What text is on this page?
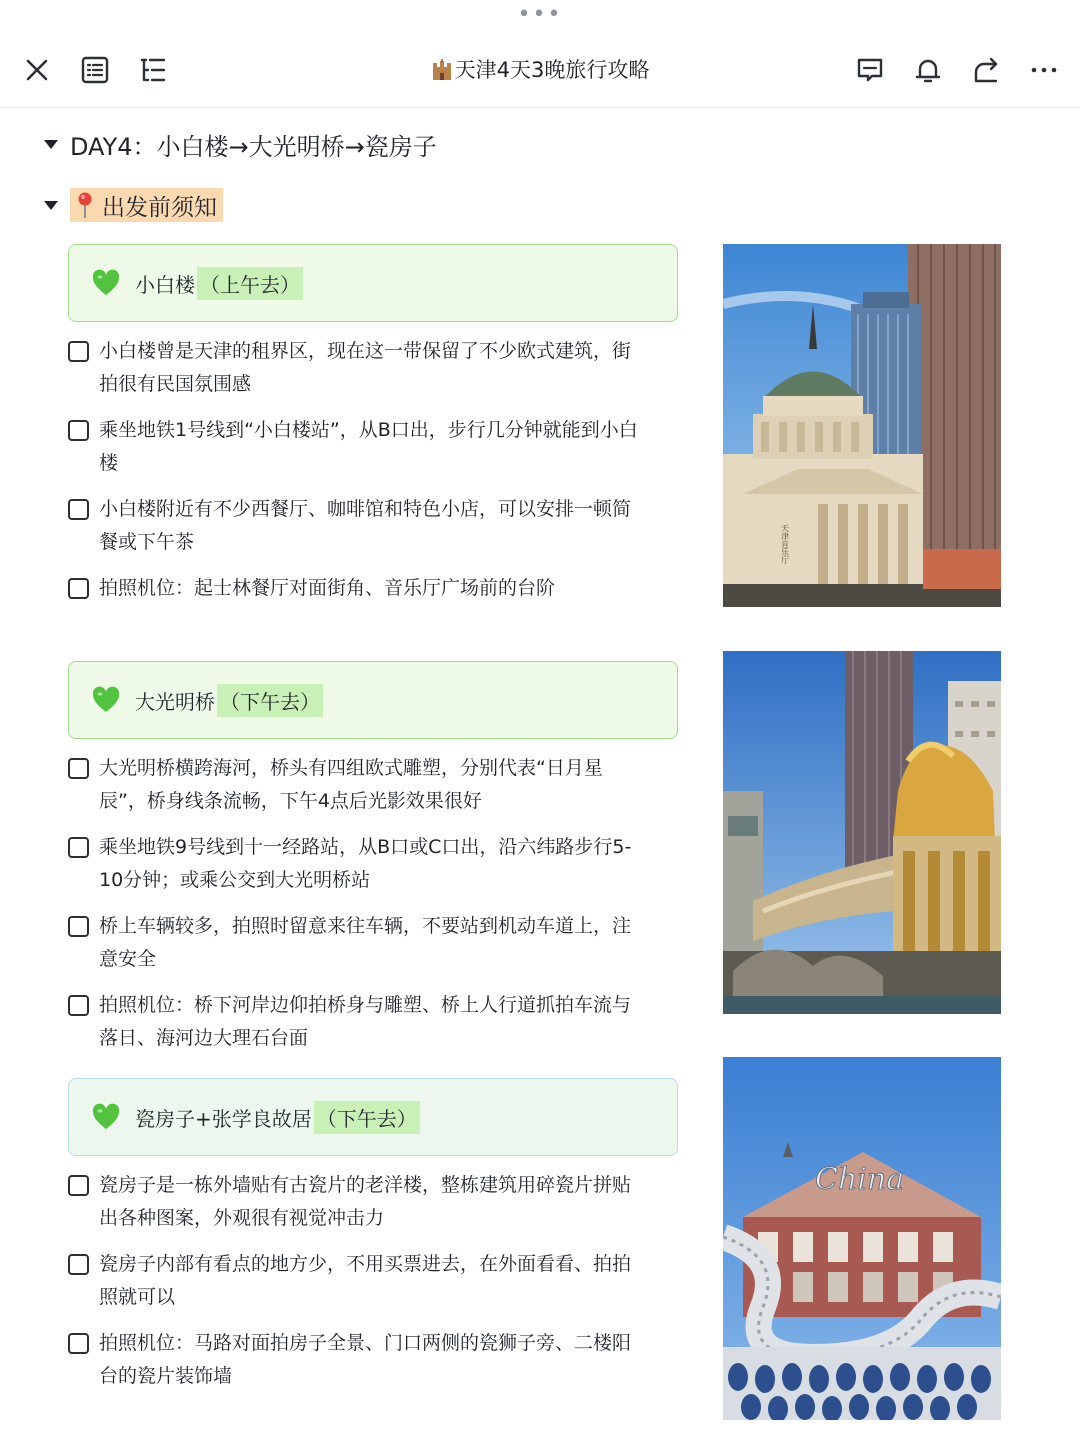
•••
天津4天3晚旅行攻略
DAY4：小白楼→大光明桥→瓷房子
出发前须知
小白楼 （上午去）
小白楼曾是天津的租界区，现在这一带保留了不少欧式建筑，街拍很有民国氛围感
乘坐地铁1号线到“小白楼站”，从B口出，步行几分钟就能到小白楼
小白楼附近有不少西餐厅、咖啡馆和特色小店，可以安排一顿简餐或下午茶
拍照机位：起士林餐厅对面街角、音乐厅广场前的台阶
大光明桥 （下午去）
大光明桥横跨海河，桥头有四组欧式雕塑，分别代表“日月星辰”，桥身线条流畅，下午4点后光影效果很好
乘坐地铁9号线到十一经路站，从B口或C口出，沿六纬路步行5-10分钟；或乘公交到大光明桥站
桥上车辆较多，拍照时留意来往车辆，不要站到机动车道上，注意安全
拍照机位：桥下河岸边仰拍桥身与雕塑、桥上人行道抓拍车流与落日、海河边大理石台面
瓷房子+张学良故居 （下午去）
瓷房子是一栋外墙贴有古瓷片的老洋楼，整栋建筑用碎瓷片拼贴出各种图案，外观很有视觉冲击力
瓷房子内部有看点的地方少，不用买票进去，在外面看看、拍拍照就可以
拍照机位：马路对面拍房子全景、门口两侧的瓷狮子旁、二楼阳台的瓷片装饰墙
天津音乐厅
China
